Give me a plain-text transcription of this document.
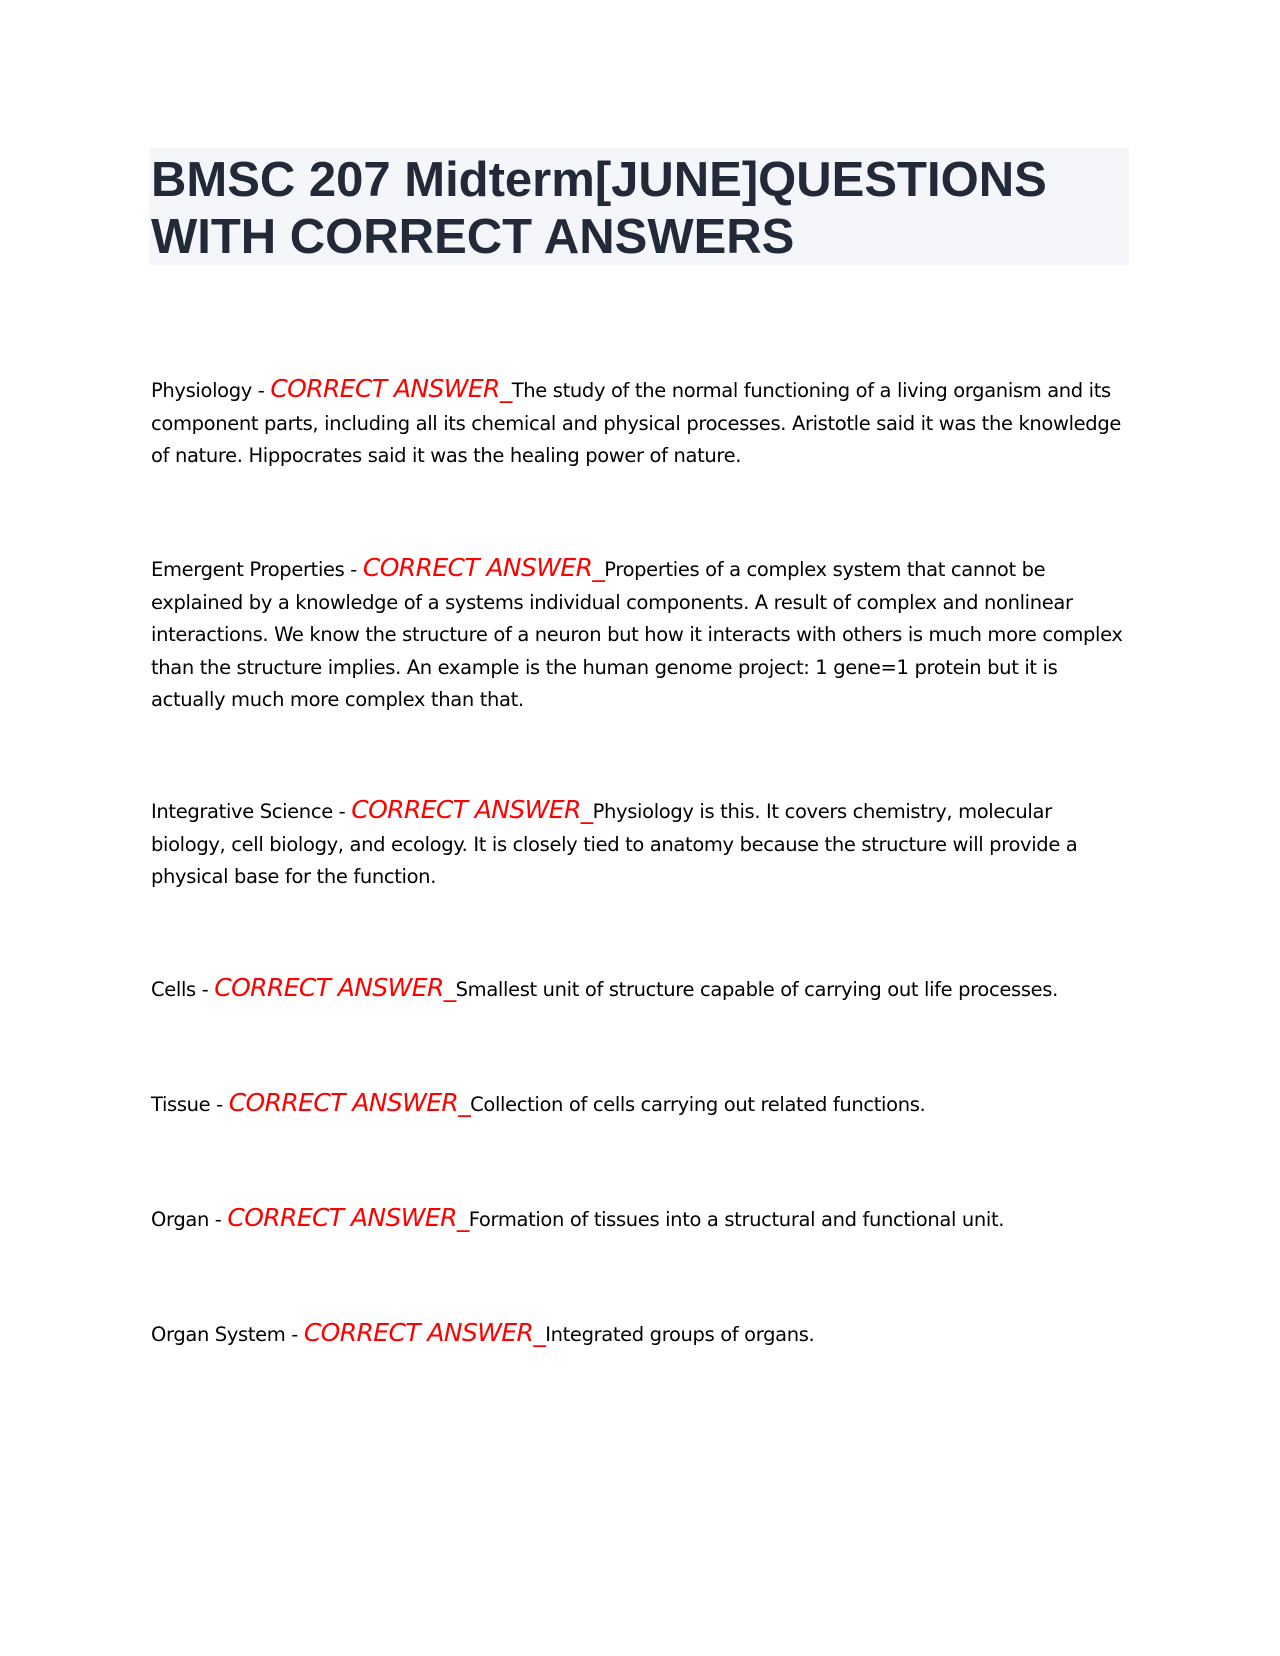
BMSC 207 Midterm[JUNE]QUESTIONS WITH CORRECT ANSWERS

Physiology - CORRECT ANSWER_The study of the normal functioning of a living organism and its component parts, including all its chemical and physical processes. Aristotle said it was the knowledge of nature. Hippocrates said it was the healing power of nature.

Emergent Properties - CORRECT ANSWER_Properties of a complex system that cannot be explained by a knowledge of a systems individual components. A result of complex and nonlinear interactions. We know the structure of a neuron but how it interacts with others is much more complex than the structure implies. An example is the human genome project: 1 gene=1 protein but it is actually much more complex than that.

Integrative Science - CORRECT ANSWER_Physiology is this. It covers chemistry, molecular biology, cell biology, and ecology. It is closely tied to anatomy because the structure will provide a physical base for the function.

Cells - CORRECT ANSWER_Smallest unit of structure capable of carrying out life processes.

Tissue - CORRECT ANSWER_Collection of cells carrying out related functions.

Organ - CORRECT ANSWER_Formation of tissues into a structural and functional unit.

Organ System - CORRECT ANSWER_Integrated groups of organs.
